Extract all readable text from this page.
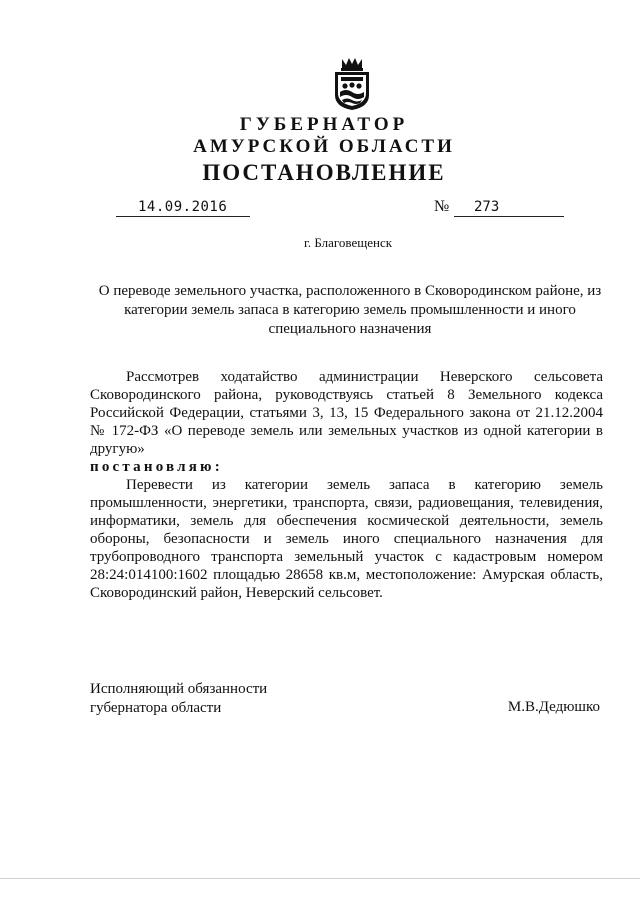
ГУБЕРНАТОР
АМУРСКОЙ ОБЛАСТИ
ПОСТАНОВЛЕНИЕ
14.09.2016	№	273
г. Благовещенск
О переводе земельного участка, расположенного в Сковородинском районе, из
категории земель запаса в категорию земель промышленности и иного
специального назначения
Рассмотрев ходатайство администрации Неверского сельсовета
Сковородинского района, руководствуясь статьей 8 Земельного кодекса
Российской Федерации, статьями 3, 13, 15 Федерального закона от 21.12.2004
№ 172-ФЗ «О переводе земель или земельных участков из одной категории в
другую»
постановляю:
Перевести из категории земель запаса в категорию земель
промышленности, энергетики, транспорта, связи, радиовещания, телевидения,
информатики, земель для обеспечения космической деятельности, земель
обороны, безопасности и земель иного специального назначения для
трубопроводного транспорта земельный участок с кадастровым номером
28:24:014100:1602 площадью 28658 кв.м, местоположение: Амурская область,
Сковородинский район, Неверский сельсовет.
Исполняющий обязанности
губернатора области	М.В.Дедюшко
